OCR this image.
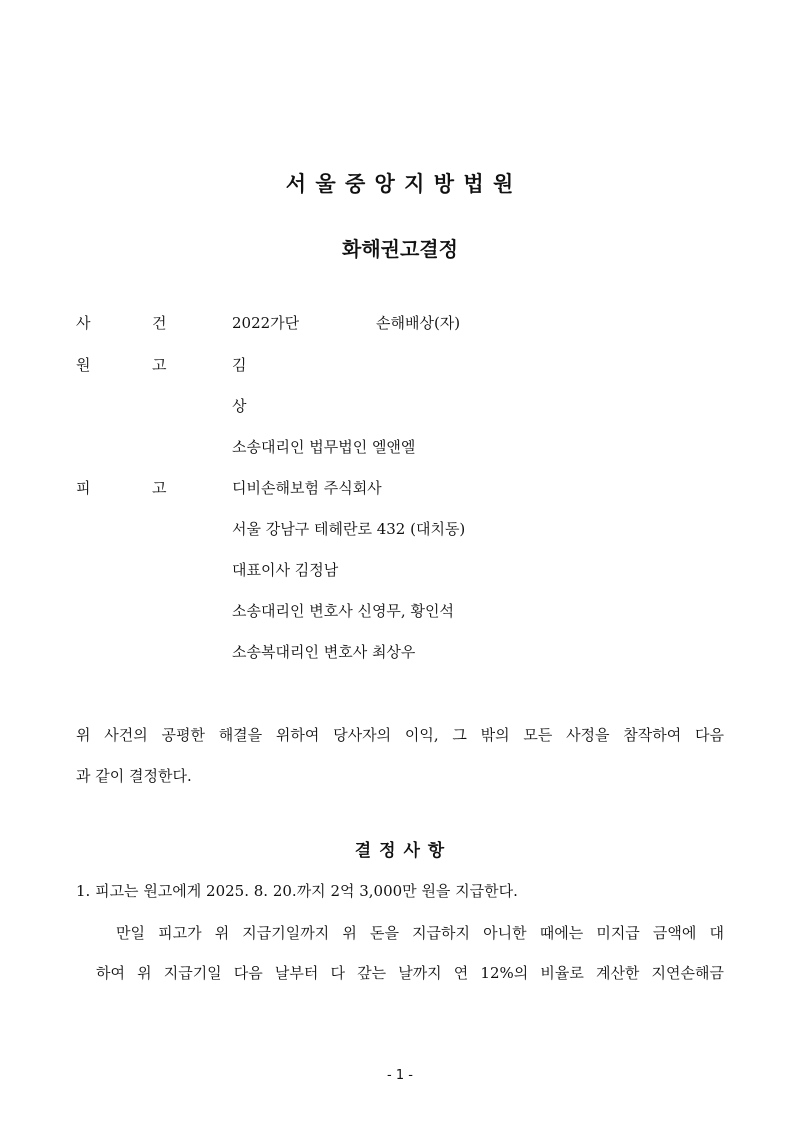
서 울 중 앙 지 방 법 원
화해권고결정
사	건	2022가단	손해배상(자)
원	고	김
상
소송대리인 법무법인 엘앤엘
피	고	디비손해보험 주식회사
서울 강남구 테헤란로 432 (대치동)
대표이사 김정남
소송대리인 변호사 신영무, 황인석
소송복대리인 변호사 최상우
위 사건의 공평한 해결을 위하여 당사자의 이익, 그 밖의 모든 사정을 참작하여 다음
과 같이 결정한다.
결 정 사 항
1. 피고는 원고에게 2025. 8. 20.까지 2억 3,000만 원을 지급한다.
만일 피고가 위 지급기일까지 위 돈을 지급하지 아니한 때에는 미지급 금액에 대
하여 위 지급기일 다음 날부터 다 갚는 날까지 연 12%의 비율로 계산한 지연손해금
- 1 -
